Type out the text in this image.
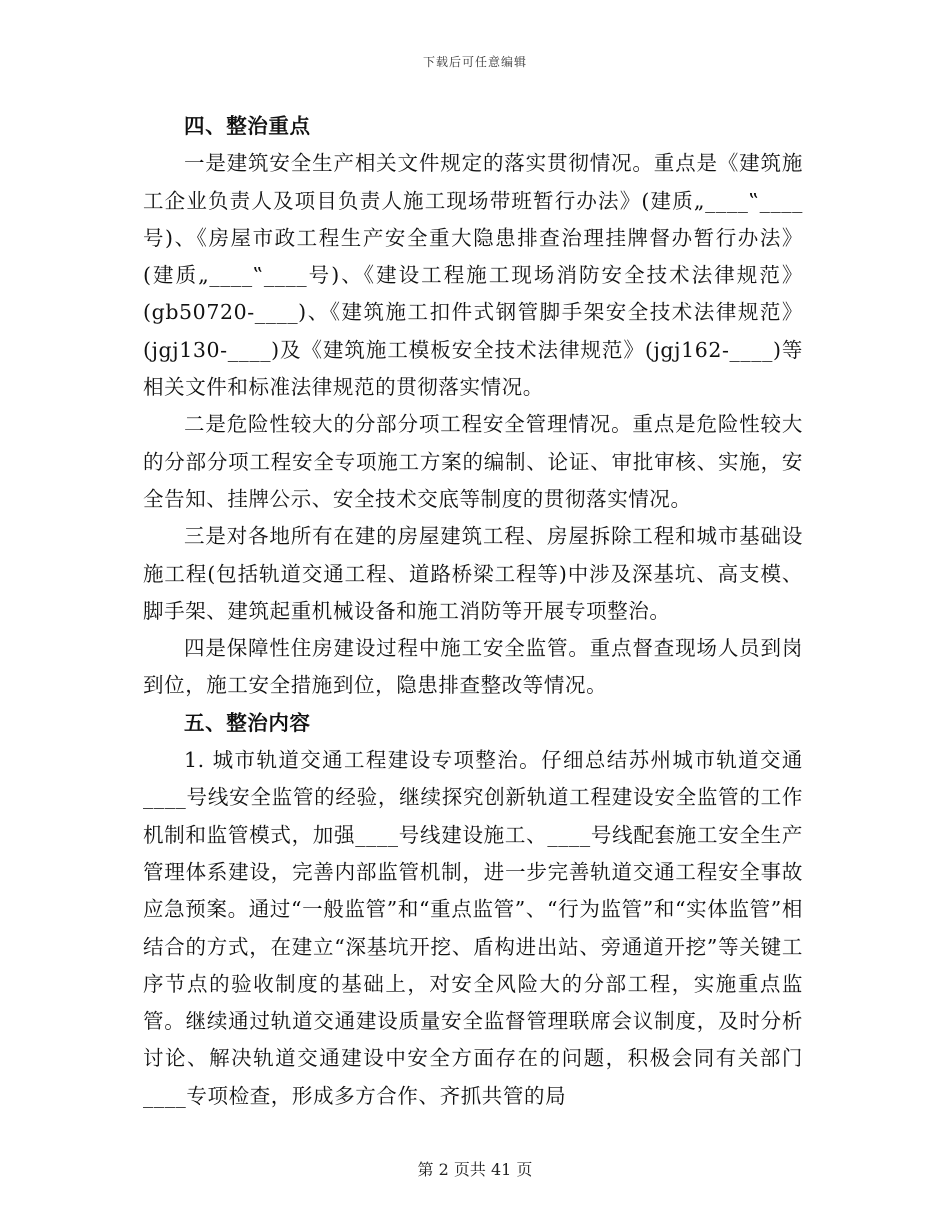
下载后可任意编辑
四、整治重点

一是建筑安全生产相关文件规定的落实贯彻情况。重点是《建筑施工企业负责人及项目负责人施工现场带班暂行办法》(建质„____‟____号)、《房屋市政工程生产安全重大隐患排查治理挂牌督办暂行办法》(建质„____‟____号)、《建设工程施工现场消防安全技术法律规范》(gb50720-____)、《建筑施工扣件式钢管脚手架安全技术法律规范》(jgj130-____)及《建筑施工模板安全技术法律规范》(jgj162-____)等相关文件和标准法律规范的贯彻落实情况。

二是危险性较大的分部分项工程安全管理情况。重点是危险性较大的分部分项工程安全专项施工方案的编制、论证、审批审核、实施，安全告知、挂牌公示、安全技术交底等制度的贯彻落实情况。

三是对各地所有在建的房屋建筑工程、房屋拆除工程和城市基础设施工程(包括轨道交通工程、道路桥梁工程等)中涉及深基坑、高支模、脚手架、建筑起重机械设备和施工消防等开展专项整治。

四是保障性住房建设过程中施工安全监管。重点督查现场人员到岗到位，施工安全措施到位，隐患排查整改等情况。

五、整治内容

1. 城市轨道交通工程建设专项整治。仔细总结苏州城市轨道交通____号线安全监管的经验，继续探究创新轨道工程建设安全监管的工作机制和监管模式，加强____号线建设施工、____号线配套施工安全生产管理体系建设，完善内部监管机制，进一步完善轨道交通工程安全事故应急预案。通过“一般监管”和“重点监管”、“行为监管”和“实体监管”相结合的方式，在建立“深基坑开挖、盾构进出站、旁通道开挖”等关键工序节点的验收制度的基础上，对安全风险大的分部工程，实施重点监管。继续通过轨道交通建设质量安全监督管理联席会议制度，及时分析讨论、解决轨道交通建设中安全方面存在的问题，积极会同有关部门____专项检查，形成多方合作、齐抓共管的局

第 2 页共 41 页
